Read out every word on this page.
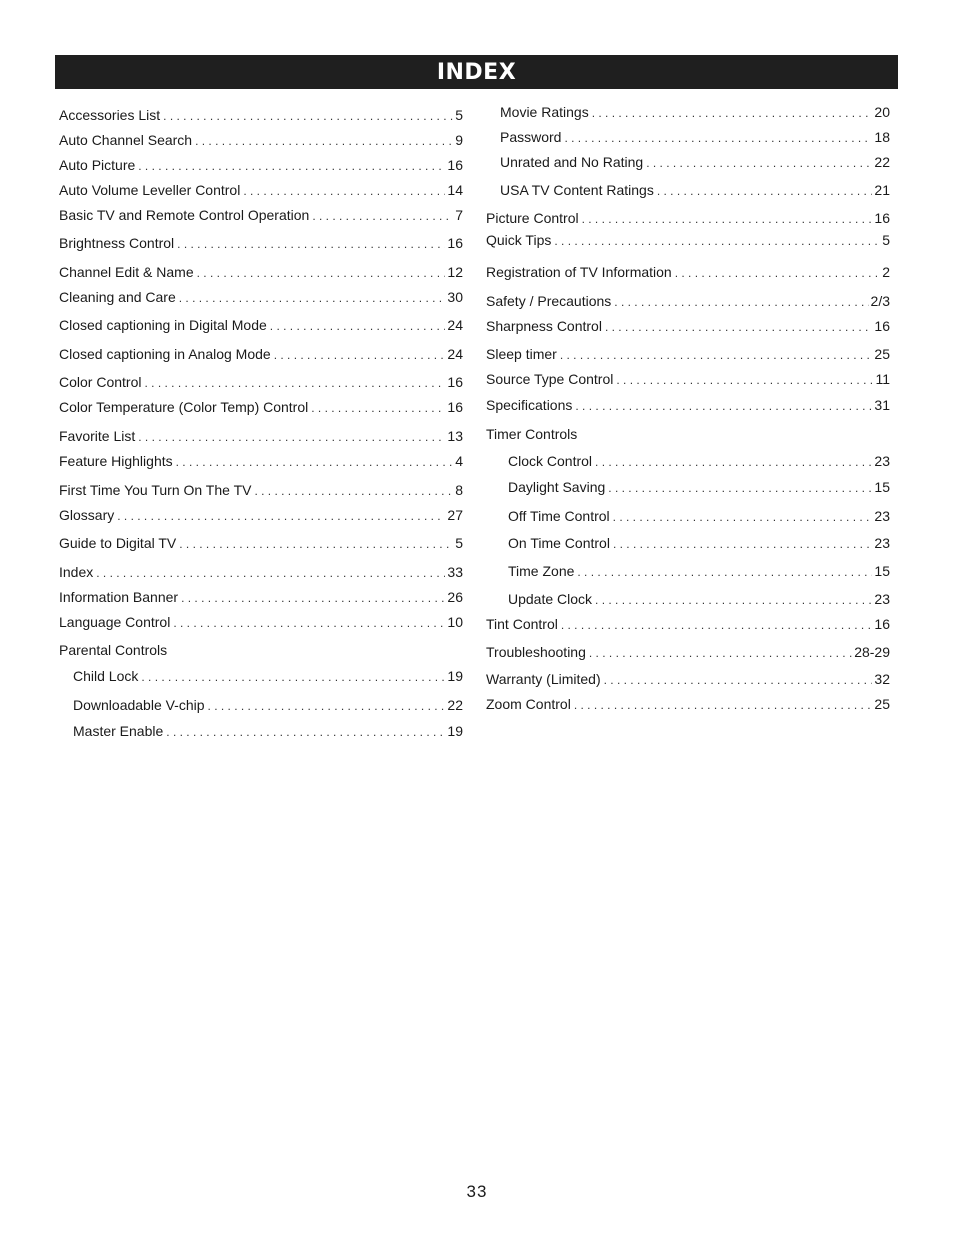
INDEX
Accessories List . . .	5
Auto Channel Search . . .	9
Auto Picture . . .	16
Auto Volume Leveller Control . . .	14
Basic TV and Remote Control Operation . . .	7
Brightness Control . . .	16
Channel Edit & Name . . .	12
Cleaning and Care . . .	30
Closed captioning in Digital Mode . . .	24
Closed captioning in Analog Mode . . .	24
Color Control . . .	16
Color Temperature (Color Temp) Control . . .	16
Favorite List . . .	13
Feature Highlights . . .	4
First Time You Turn On The TV . . .	8
Glossary . . .	27
Guide to Digital TV . . .	5
Index . . .	33
Information Banner . . .	26
Language Control . . .	10
Parental Controls
Child Lock . . .	19
Downloadable V-chip . . .	22
Master Enable . . .	19
Movie Ratings . . .	20
Password . . .	18
Unrated and No Rating . . .	22
USA TV Content Ratings . . .	21
Picture Control . . .	16
Quick Tips . . .	5
Registration of TV Information . . .	2
Safety / Precautions . . .	2/3
Sharpness Control . . .	16
Sleep timer . . .	25
Source Type Control . . .	11
Specifications . . .	31
Timer Controls
Clock Control . . .	23
Daylight Saving . . .	15
Off Time Control . . .	23
On Time Control . . .	23
Time Zone . . .	15
Update Clock . . .	23
Tint Control . . .	16
Troubleshooting . . .	28-29
Warranty (Limited) . . .	32
Zoom Control . . .	25
33
